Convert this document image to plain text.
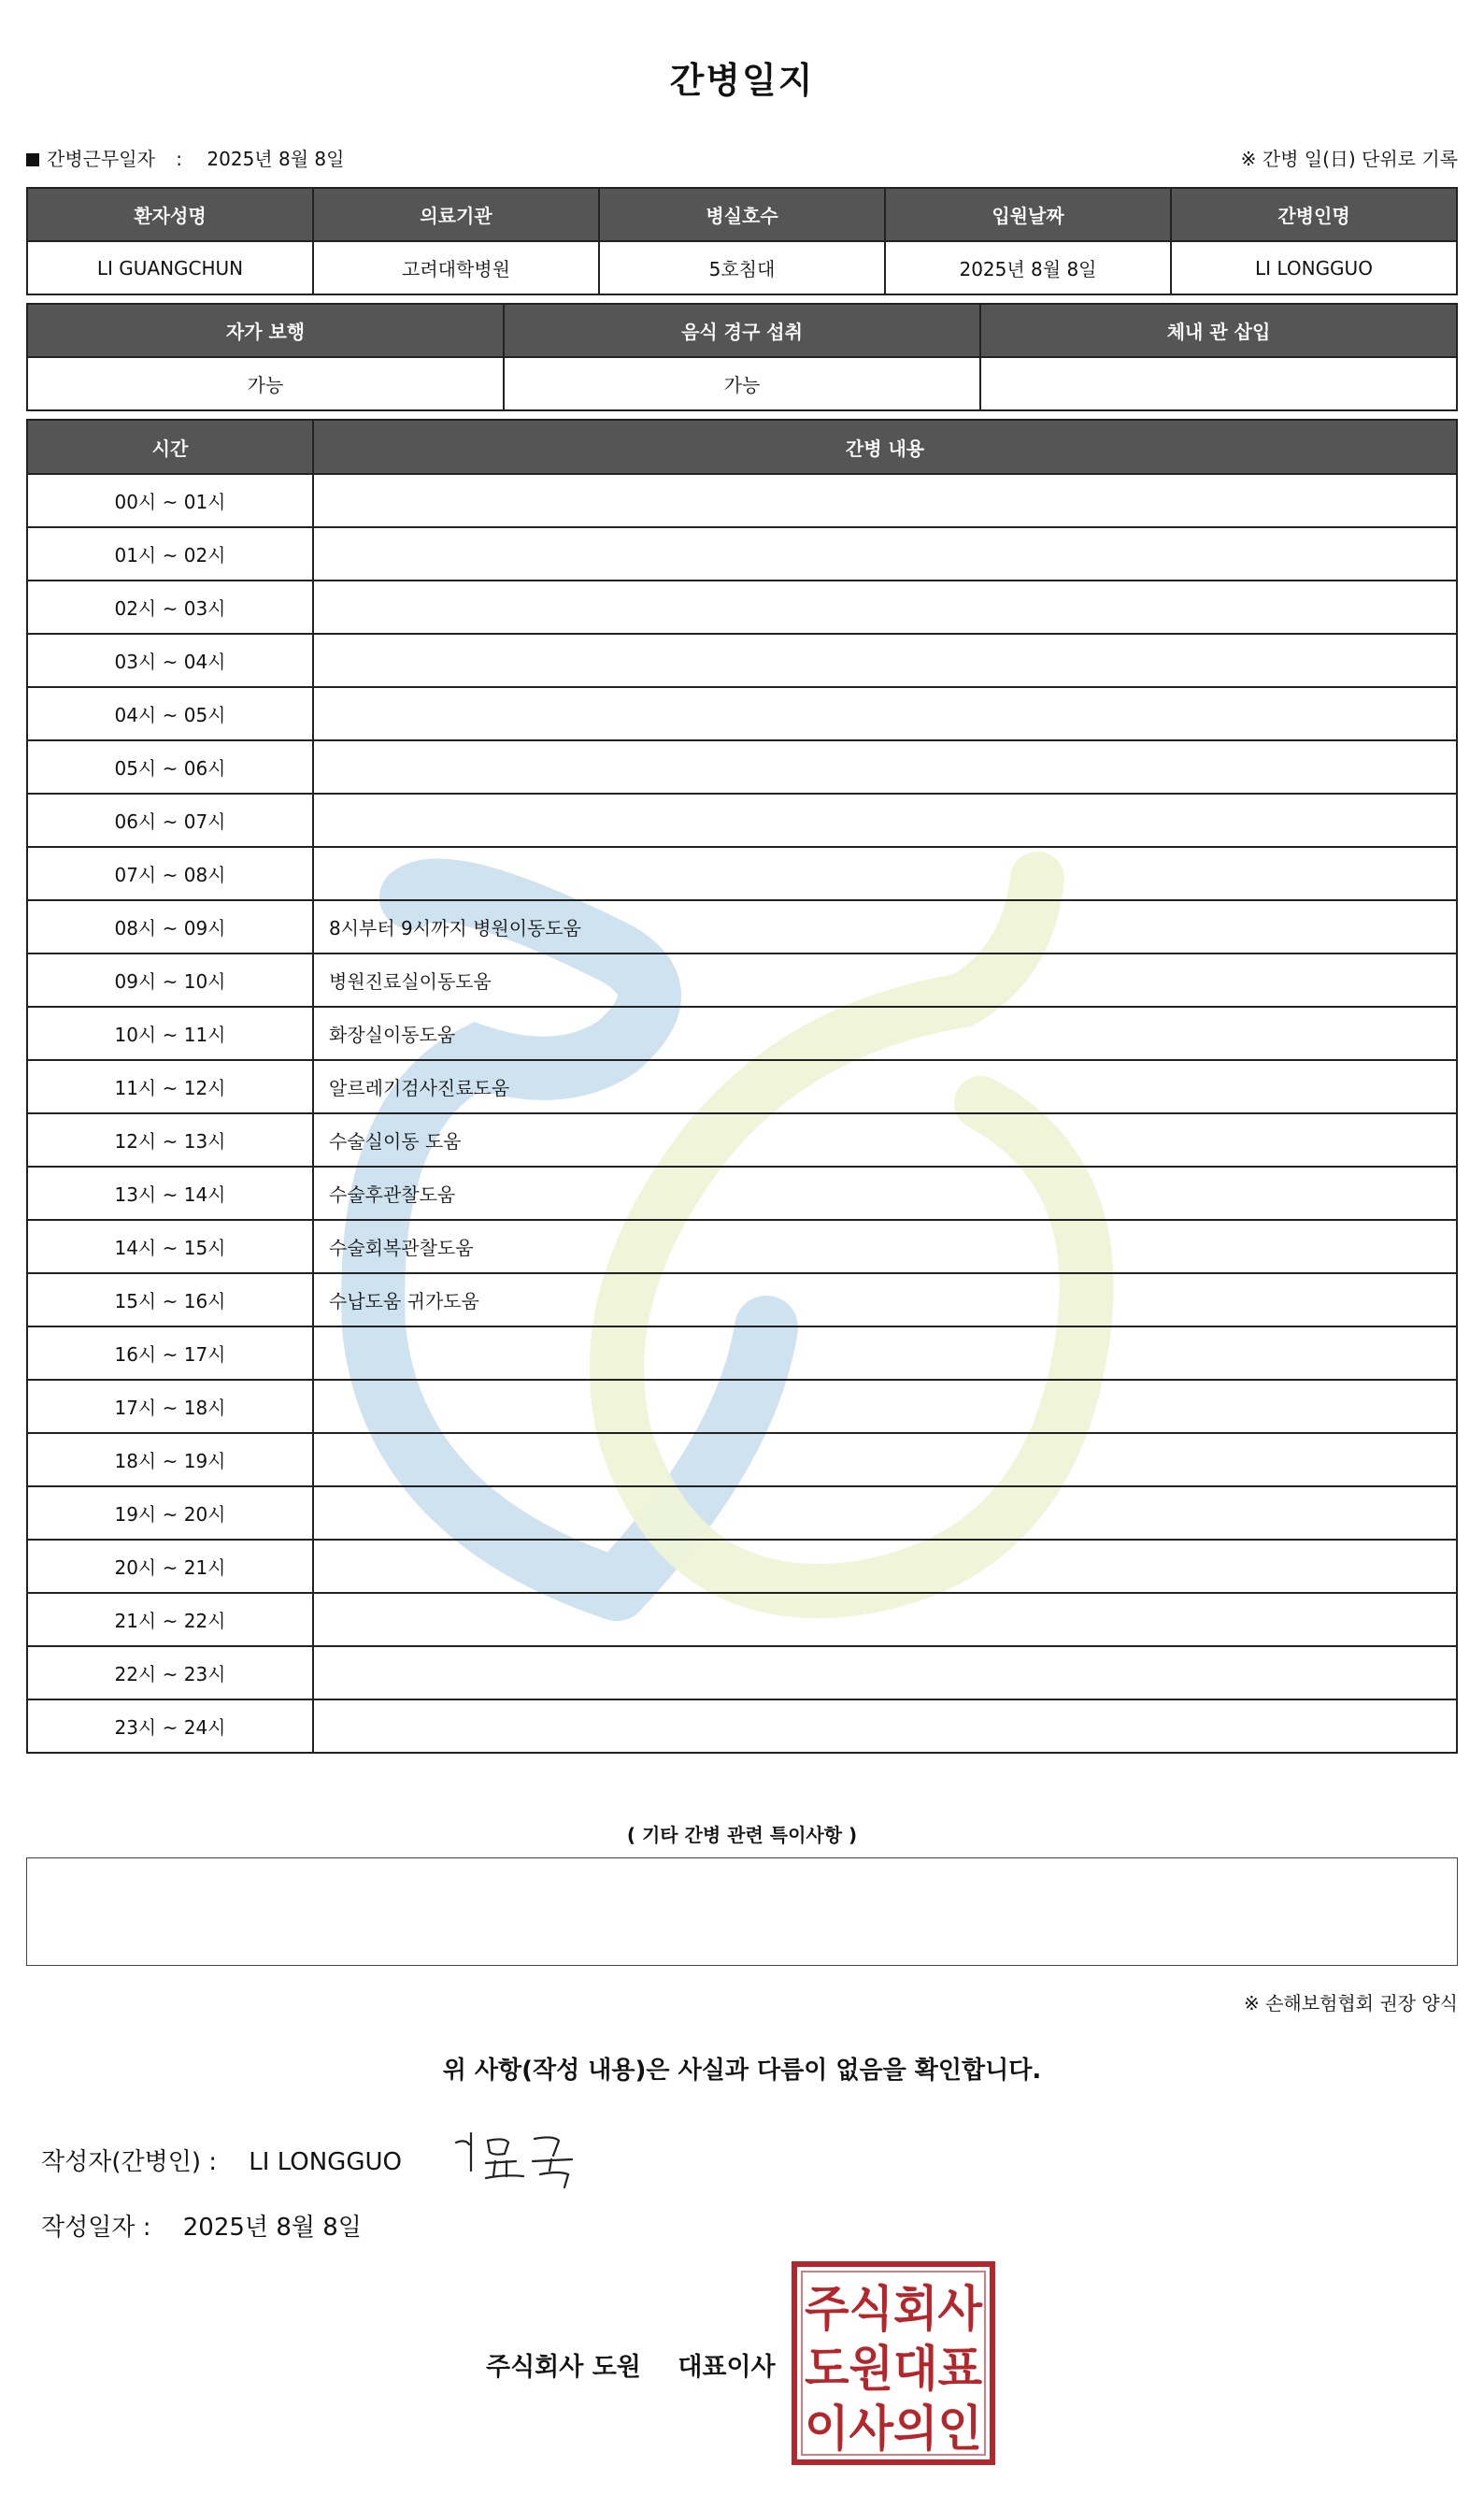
간병일지
간병근무일자 : 2025년 8월 8일	※ 간병 일(日) 단위로 기록
환자성명	의료기관	병실호수	입원날짜	간병인명
LI GUANGCHUN	고려대학병원	5호침대	2025년 8월 8일	LI LONGGUO
자가 보행	음식 경구 섭취	체내 관 삽입
가능	가능	
시간	간병 내용
00시 ~ 01시	
01시 ~ 02시	
02시 ~ 03시	
03시 ~ 04시	
04시 ~ 05시	
05시 ~ 06시	
06시 ~ 07시	
07시 ~ 08시	
08시 ~ 09시	8시부터 9시까지 병원이동도움
09시 ~ 10시	병원진료실이동도움
10시 ~ 11시	화장실이동도움
11시 ~ 12시	알르레기검사진료도움
12시 ~ 13시	수술실이동 도움
13시 ~ 14시	수술후관찰도움
14시 ~ 15시	수술회복관찰도움
15시 ~ 16시	수납도움 귀가도움
16시 ~ 17시	
17시 ~ 18시	
18시 ~ 19시	
19시 ~ 20시	
20시 ~ 21시	
21시 ~ 22시	
22시 ~ 23시	
23시 ~ 24시	
( 기타 간병 관련 특이사항 )
※ 손해보험협회 권장 양식
위 사항(작성 내용)은 사실과 다름이 없음을 확인합니다.
작성자(간병인) : LI LONGGUO
작성일자 : 2025년 8월 8일
주식회사 도원 대표이사
주식회사
도원대표
이사의인
